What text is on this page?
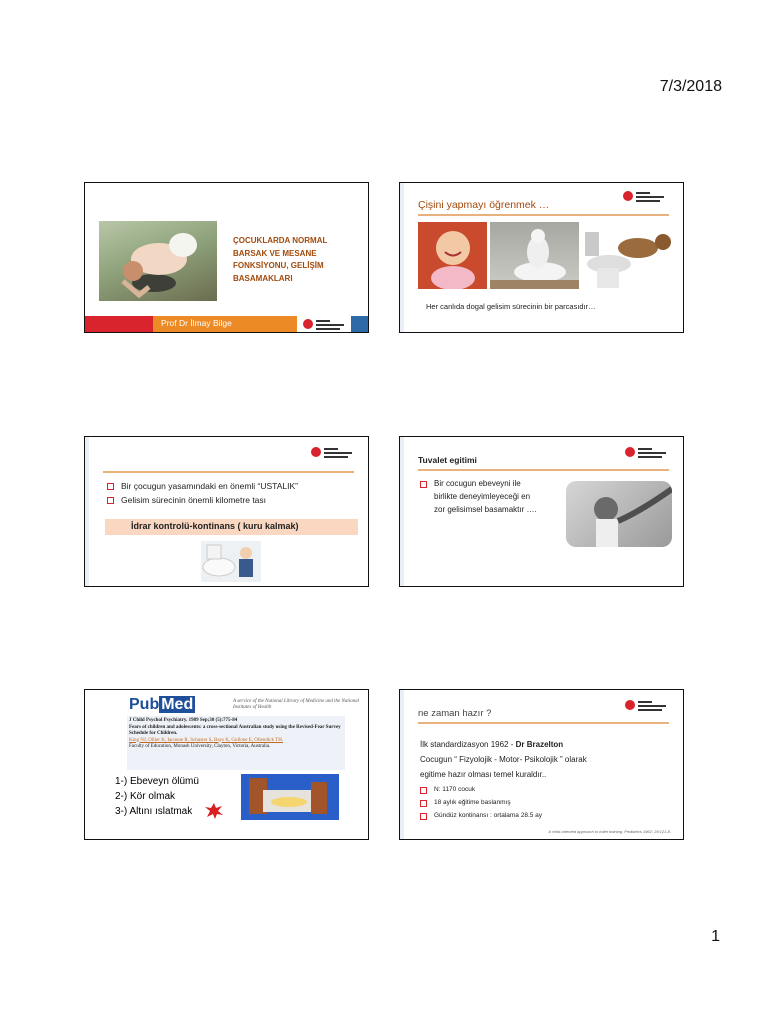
7/3/2018
ÇOCUKLARDA NORMAL
BARSAK VE MESANE
FONKSİYONU, GELİŞİM
BASAMAKLARI
Prof Dr İlmay Bilge
Çişini yapmayı öğrenmek …
Her canlıda dogal gelisim sürecinin bir parcasıdır…
Bir çocugun yasamındaki en önemli “USTALIK”
Gelisim sürecinin önemli kilometre tası
İdrar kontrolü-kontinans ( kuru kalmak)
Tuvalet egitimi
Bir cocugun ebeveyni ile
birlikte deneyimleyeceği en
zor gelisimsel basamaktır ….
Pub Med	A service of the National Library of Medicine and the National Institutes of Health
J Child Psychol Psychiatry. 1989 Sep;30 (5):775-84
Fears of children and adolescents: a cross-sectional Australian study using the Revised-Fear Survey Schedule for Children.
King NJ, Ollier K, Iacuone R, Schuster S, Bays K, Gullone E, Ollendick TH.
Faculty of Education, Monash University, Clayton, Victoria, Australia.
1-) Ebeveyn ölümü
2-) Kör olmak
3-) Altını ıslatmak
ne zaman hazır ?
İlk standardizasyon 1962 - Dr Brazelton
Cocugun “ Fizyolojik - Motor- Psikolojik ” olarak
egitime hazır olması temel kuraldır..
N: 1170 cocuk
18 aylık eğitime baslanmış
Gündüz kontinansı : ortalama 28.5 ay
A child-oriented approach to toilet training. Pediatrics 1962; 29:121-8.
1
